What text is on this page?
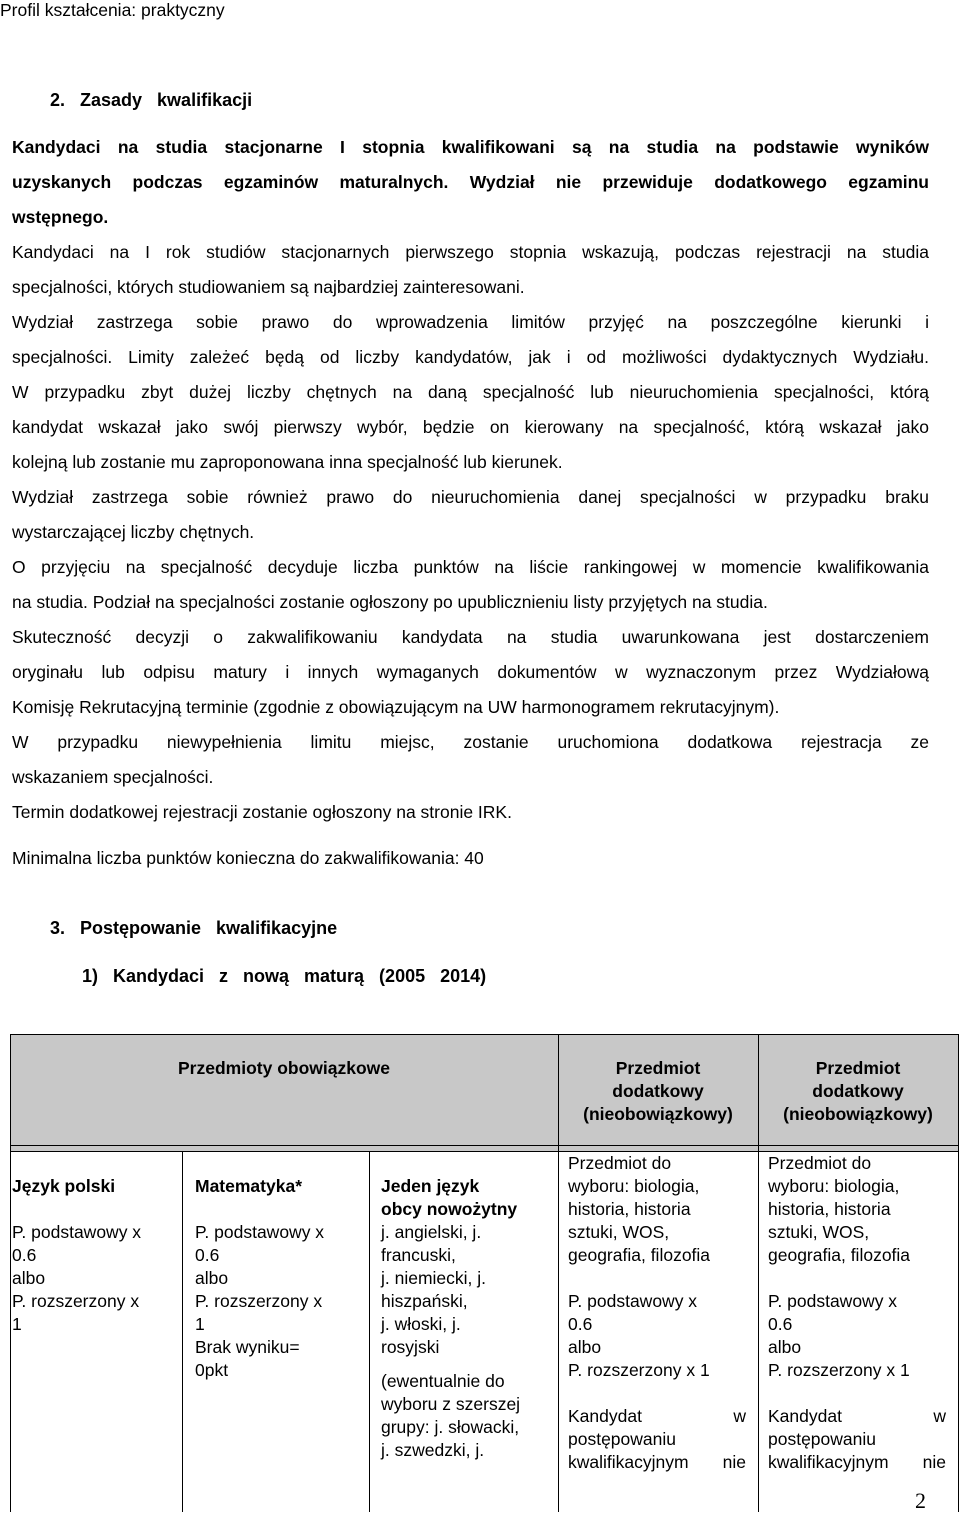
Profil kształcenia: praktyczny
2. Zasady kwalifikacji
Kandydaci na studia stacjonarne I stopnia kwalifikowani są na studia na podstawie wyników
uzyskanych podczas egzaminów maturalnych. Wydział nie przewiduje dodatkowego egzaminu
wstępnego.
Kandydaci na I rok studiów stacjonarnych pierwszego stopnia wskazują, podczas rejestracji na studia
specjalności, których studiowaniem są najbardziej zainteresowani.
Wydział zastrzega sobie prawo do wprowadzenia limitów przyjęć na poszczególne kierunki i
specjalności. Limity zależeć będą od liczby kandydatów, jak i od możliwości dydaktycznych Wydziału.
W przypadku zbyt dużej liczby chętnych na daną specjalność lub nieuruchomienia specjalności, którą
kandydat wskazał jako swój pierwszy wybór, będzie on kierowany na specjalność, którą wskazał jako
kolejną lub zostanie mu zaproponowana inna specjalność lub kierunek.
Wydział zastrzega sobie również prawo do nieuruchomienia danej specjalności w przypadku braku
wystarczającej liczby chętnych.
O przyjęciu na specjalność decyduje liczba punktów na liście rankingowej w momencie kwalifikowania
na studia. Podział na specjalności zostanie ogłoszony po upublicznieniu listy przyjętych na studia.
Skuteczność decyzji o zakwalifikowaniu kandydata na studia uwarunkowana jest dostarczeniem
oryginału lub odpisu matury i innych wymaganych dokumentów w wyznaczonym przez Wydziałową
Komisję Rekrutacyjną terminie (zgodnie z obowiązującym na UW harmonogramem rekrutacyjnym).
W przypadku niewypełnienia limitu miejsc, zostanie uruchomiona dodatkowa rejestracja ze
wskazaniem specjalności.
Termin dodatkowej rejestracji zostanie ogłoszony na stronie IRK.
Minimalna liczba punktów konieczna do zakwalifikowania: 40
3. Postępowanie kwalifikacyjne
1) Kandydaci z nową maturą (2005 2014)
Przedmioty obowiązkowe	Przedmiot
dodatkowy
(nieobowiązkowy)
Przedmiot
dodatkowy
(nieobowiązkowy)
Język polski
P. podstawowy x
0.6
albo
P. rozszerzony x
1
Matematyka*
P. podstawowy x
0.6
albo
P. rozszerzony x
1
Brak wyniku=
0pkt
Jeden język
obcy nowożytny
j. angielski, j.
francuski,
j. niemiecki, j.
hiszpański,
j. włoski, j.
rosyjski
(ewentualnie do
wyboru z szerszej
grupy: j. słowacki,
j. szwedzki, j.
Przedmiot do
wyboru: biologia,
historia, historia
sztuki, WOS,
geografia, filozofia
P. podstawowy x
0.6
albo
P. rozszerzony x 1
Kandydat w
postępowaniu
kwalifikacyjnym nie
Przedmiot do
wyboru: biologia,
historia, historia
sztuki, WOS,
geografia, filozofia
P. podstawowy x
0.6
albo
P. rozszerzony x 1
Kandydat w
postępowaniu
kwalifikacyjnym nie
2
